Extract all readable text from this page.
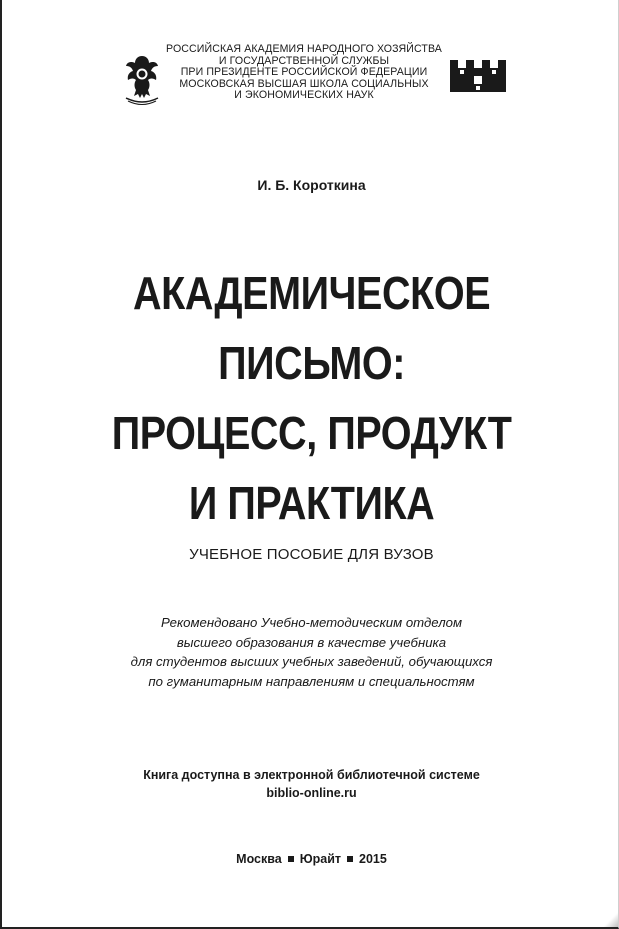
РОССИЙСКАЯ АКАДЕМИЯ НАРОДНОГО ХОЗЯЙСТВА
И ГОСУДАРСТВЕННОЙ СЛУЖБЫ
ПРИ ПРЕЗИДЕНТЕ РОССИЙСКОЙ ФЕДЕРАЦИИ
МОСКОВСКАЯ ВЫСШАЯ ШКОЛА СОЦИАЛЬНЫХ
И ЭКОНОМИЧЕСКИХ НАУК
И. Б. Короткина
АКАДЕМИЧЕСКОЕ
ПИСЬМО:
ПРОЦЕСС, ПРОДУКТ
И ПРАКТИКА
УЧЕБНОЕ ПОСОБИЕ ДЛЯ ВУЗОВ
Рекомендовано Учебно-методическим отделом
высшего образования в качестве учебника
для студентов высших учебных заведений, обучающихся
по гуманитарным направлениям и специальностям
Книга доступна в электронной библиотечной системе
biblio-online.ru
Москва Юрайт 2015
